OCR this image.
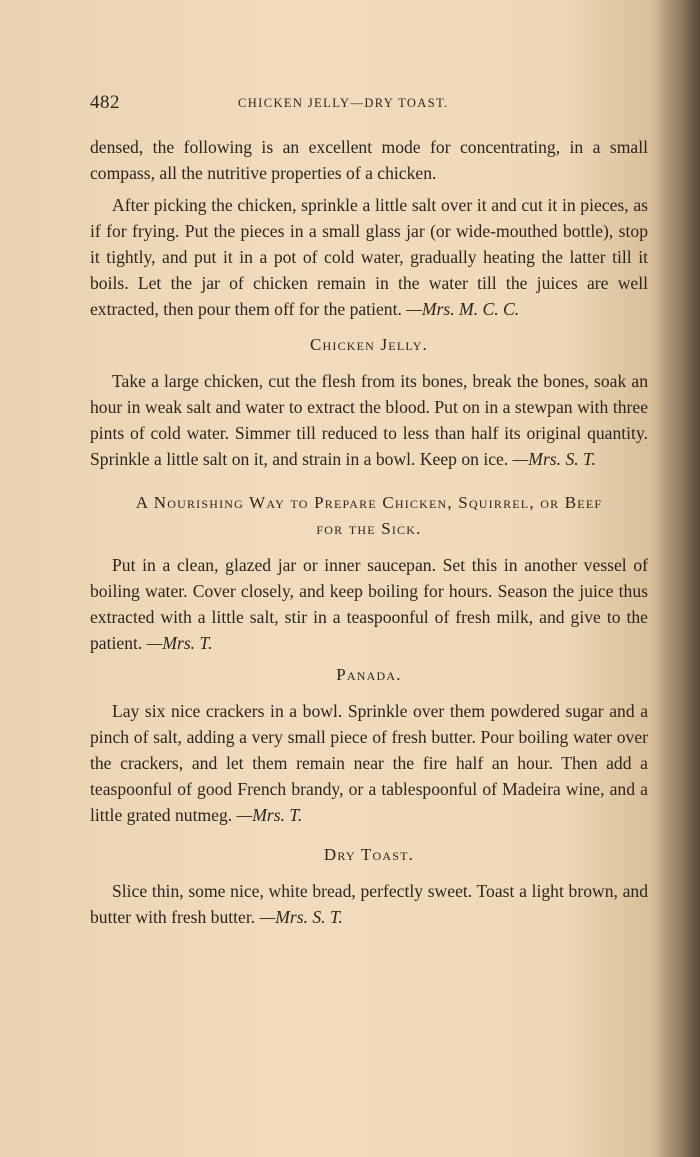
482	CHICKEN JELLY—DRY TOAST.

densed, the following is an excellent mode for concentrating, in a small compass, all the nutritive properties of a chicken.

After picking the chicken, sprinkle a little salt over it and cut it in pieces, as if for frying. Put the pieces in a small glass jar (or wide-mouthed bottle), stop it tightly, and put it in a pot of cold water, gradually heating the latter till it boils. Let the jar of chicken remain in the water till the juices are well extracted, then pour them off for the patient. —Mrs. M. C. C.

Chicken Jelly.

Take a large chicken, cut the flesh from its bones, break the bones, soak an hour in weak salt and water to extract the blood. Put on in a stewpan with three pints of cold water. Simmer till reduced to less than half its original quantity. Sprinkle a little salt on it, and strain in a bowl. Keep on ice. —Mrs. S. T.

A Nourishing Way to Prepare Chicken, Squirrel, or Beef for the Sick.

Put in a clean, glazed jar or inner saucepan. Set this in another vessel of boiling water. Cover closely, and keep boiling for hours. Season the juice thus extracted with a little salt, stir in a teaspoonful of fresh milk, and give to the patient. —Mrs. T.

Panada.

Lay six nice crackers in a bowl. Sprinkle over them powdered sugar and a pinch of salt, adding a very small piece of fresh butter. Pour boiling water over the crackers, and let them remain near the fire half an hour. Then add a teaspoonful of good French brandy, or a tablespoonful of Madeira wine, and a little grated nutmeg. —Mrs. T.

Dry Toast.

Slice thin, some nice, white bread, perfectly sweet. Toast a light brown, and butter with fresh butter. —Mrs. S. T.
